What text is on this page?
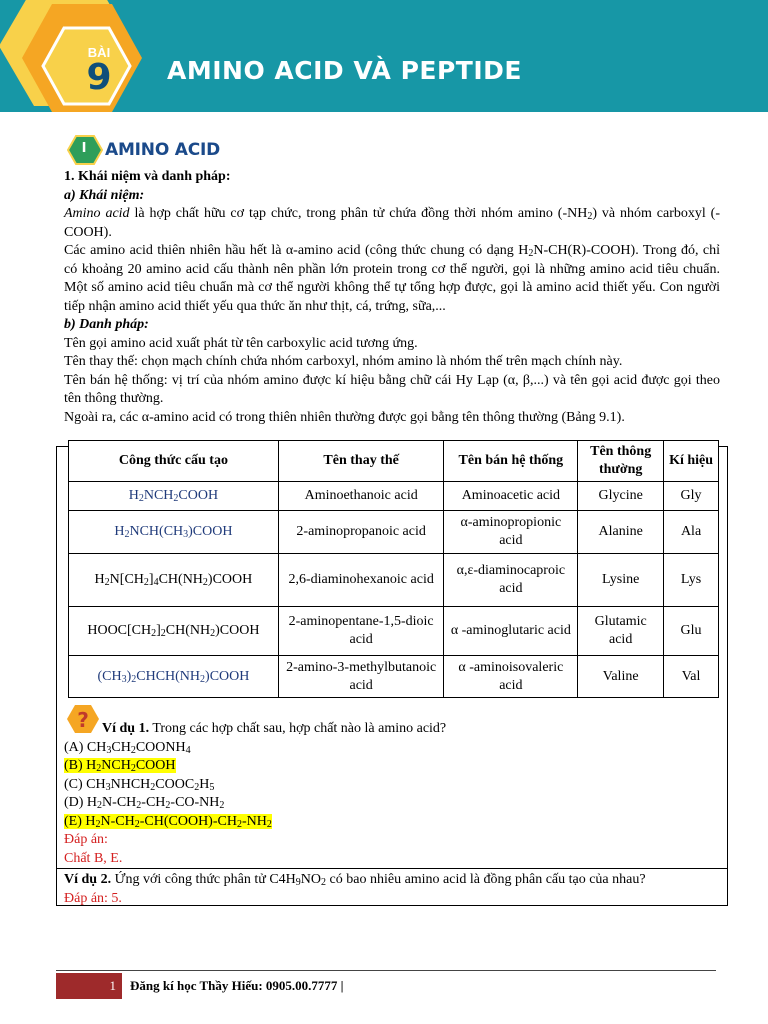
BÀI
9 AMINO ACID VÀ PEPTIDE
I	AMINO ACID

1. Khái niệm và danh pháp:

a) Khái niệm:

Amino acid là hợp chất hữu cơ tạp chức, trong phân tử chứa đồng thời nhóm amino $(-NH_2)$ và nhóm carboxyl (-COOH).

Các amino acid thiên nhiên hầu hết là α-amino acid (công thức chung có dạng $H_2N-CH(R)-COOH$). Trong đó, chỉ có khoảng 20 amino acid cấu thành nên phần lớn protein trong cơ thể người, gọi là những amino acid tiêu chuẩn. Một số amino acid tiêu chuẩn mà cơ thể người không thể tự tổng hợp được, gọi là amino acid thiết yếu. Con người tiếp nhận amino acid thiết yếu qua thức ăn như thịt, cá, trứng, sữa,...

b) Danh pháp:

Tên gọi amino acid xuất phát từ tên carboxylic acid tương ứng.

Tên thay thế: chọn mạch chính chứa nhóm carboxyl, nhóm amino là nhóm thế trên mạch chính này.

Tên bán hệ thống: vị trí của nhóm amino được kí hiệu bằng chữ cái Hy Lạp (α, β,...) và tên gọi acid được gọi theo tên thông thường.

Ngoài ra, các α-amino acid có trong thiên nhiên thường được gọi bằng tên thông thường (Bảng 9.1).

Công thức cấu tạo	Tên thay thế	Tên bán hệ thống	Tên thông thường	Kí hiệu
$H_2NCH_2COOH$	Aminoethanoic acid	Aminoacetic acid	Glycine	Gly
$H_2NCH(CH_3)COOH$	2-aminopropanoic acid	α-aminopropionic acid	Alanine	Ala
$H_2N[CH_2]_4CH(NH_2)COOH$	2,6-diaminohexanoic acid	α,ε-diaminocaproic acid	Lysine	Lys
$HOOC[CH_2]_2CH(NH_2)COOH$	2-aminopentane-1,5-dioic acid	α -aminoglutaric acid	Glutamic acid	Glu
$(CH_3)_2CHCH(NH_2)COOH$	2-amino-3-methylbutanoic acid	α -aminoisovaleric acid	Valine	Val
? Ví dụ 1. Trong các hợp chất sau, hợp chất nào là amino acid?
(A) $CH_3CH_2COONH_4$
(B) $H_2NCH_2COOH$
(C) $CH_3NHCH_2COOC_2H_5$
(D) $H_2N-CH_2-CH_2-CO-NH_2$
(E) $H_2N-CH_2-CH(COOH)-CH_2-NH_2$
Đáp án:
Chất B, E.
Ví dụ 2. Ứng với công thức phân tử $C4H_9NO_2$ có bao nhiêu amino acid là đồng phân cấu tạo của nhau?
Đáp án: 5.
1 Đăng kí học Thầy Hiếu: 0905.00.7777 |
